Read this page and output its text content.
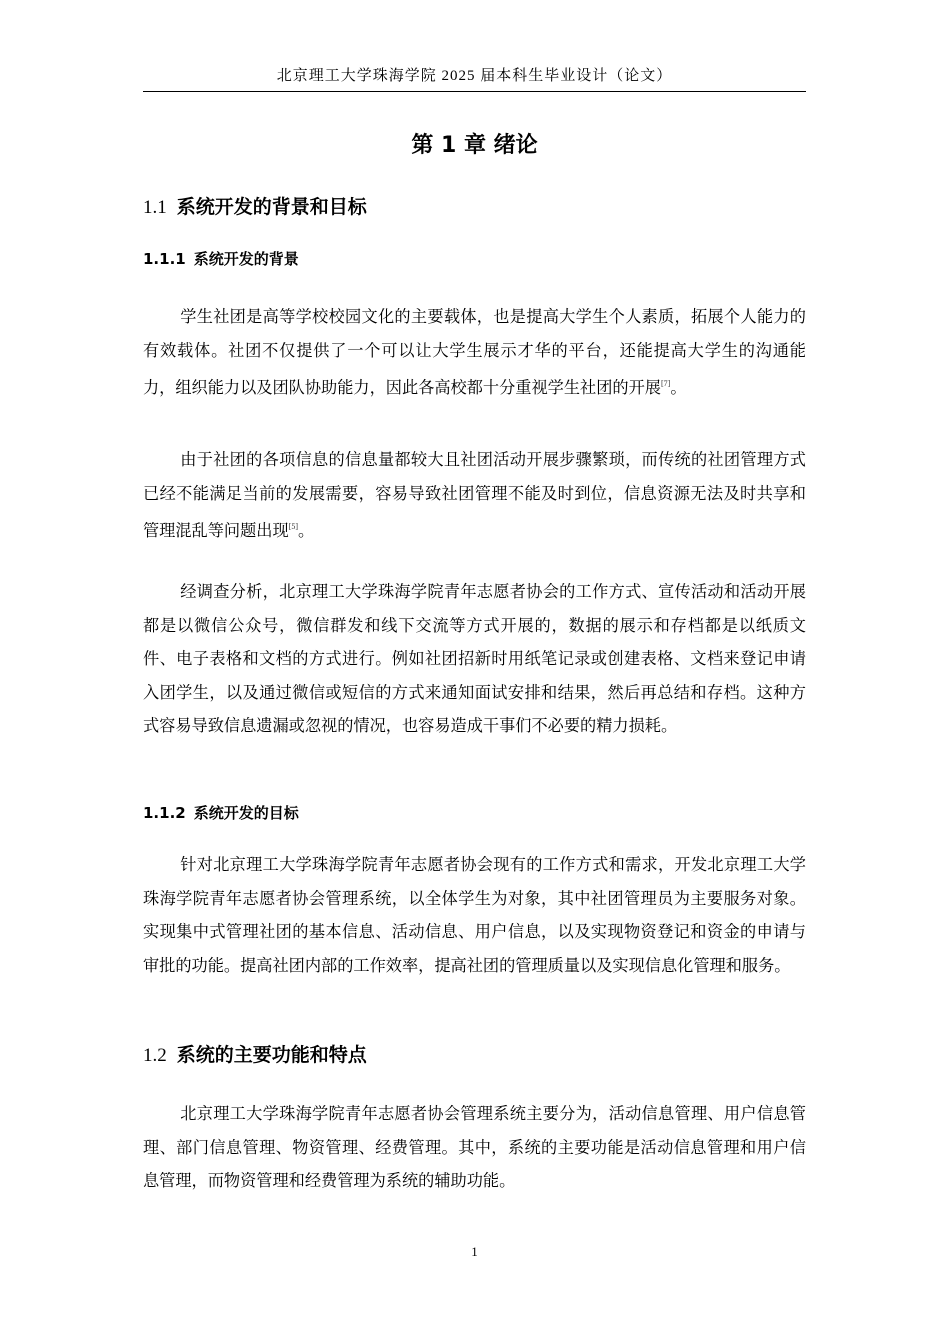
北京理工大学珠海学院 2025 届本科生毕业设计（论文）
第 1 章 绪论
1.1 系统开发的背景和目标
1.1.1 系统开发的背景
学生社团是高等学校校园文化的主要载体，也是提高大学生个人素质，拓展个人能力的有效载体。社团不仅提供了一个可以让大学生展示才华的平台，还能提高大学生的沟通能力，组织能力以及团队协助能力，因此各高校都十分重视学生社团的开展[7]。
由于社团的各项信息的信息量都较大且社团活动开展步骤繁琐，而传统的社团管理方式已经不能满足当前的发展需要，容易导致社团管理不能及时到位，信息资源无法及时共享和管理混乱等问题出现[5]。
经调查分析，北京理工大学珠海学院青年志愿者协会的工作方式、宣传活动和活动开展都是以微信公众号，微信群发和线下交流等方式开展的，数据的展示和存档都是以纸质文件、电子表格和文档的方式进行。例如社团招新时用纸笔记录或创建表格、文档来登记申请入团学生，以及通过微信或短信的方式来通知面试安排和结果，然后再总结和存档。这种方式容易导致信息遗漏或忽视的情况，也容易造成干事们不必要的精力损耗。
1.1.2 系统开发的目标
针对北京理工大学珠海学院青年志愿者协会现有的工作方式和需求，开发北京理工大学珠海学院青年志愿者协会管理系统，以全体学生为对象，其中社团管理员为主要服务对象。实现集中式管理社团的基本信息、活动信息、用户信息，以及实现物资登记和资金的申请与审批的功能。提高社团内部的工作效率，提高社团的管理质量以及实现信息化管理和服务。
1.2 系统的主要功能和特点
北京理工大学珠海学院青年志愿者协会管理系统主要分为，活动信息管理、用户信息管理、部门信息管理、物资管理、经费管理。其中，系统的主要功能是活动信息管理和用户信息管理，而物资管理和经费管理为系统的辅助功能。
1
